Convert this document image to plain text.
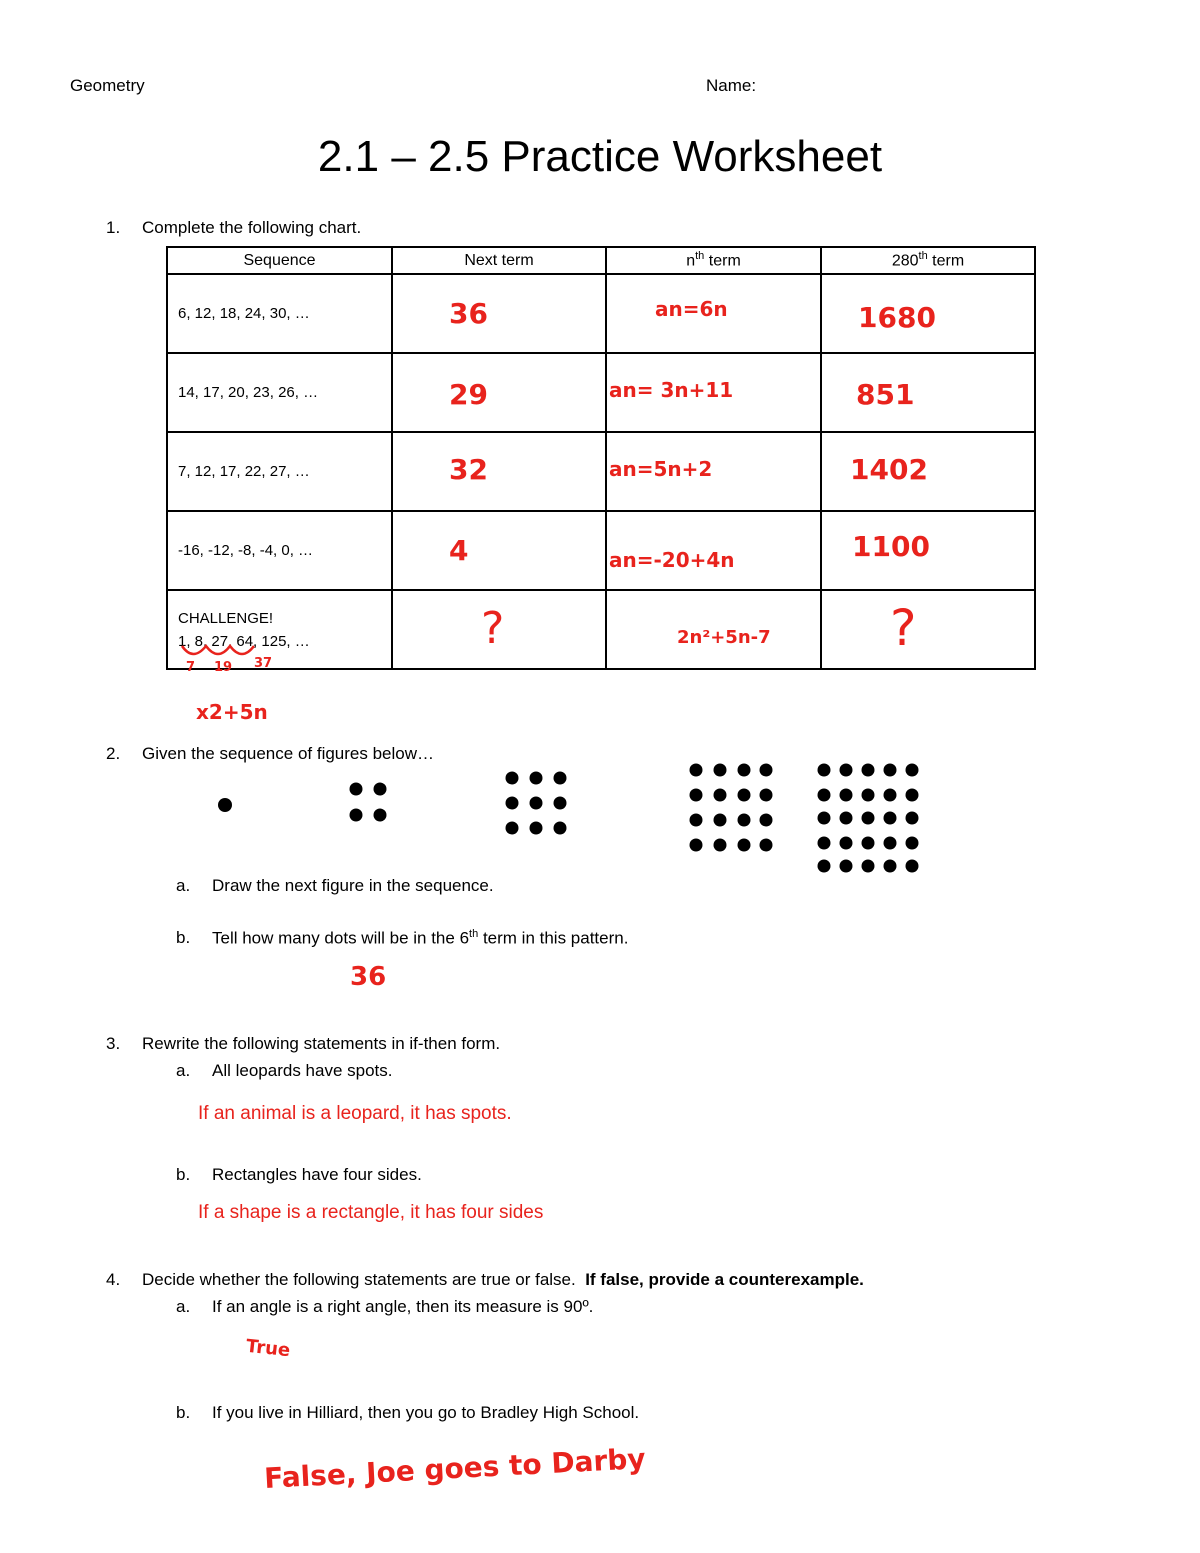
Geometry	Name:
2.1 – 2.5 Practice Worksheet
1. Complete the following chart.
Sequence	Next term	$n^{th}$ term	280th term
6, 12, 18, 24, 30, …	36	an=6n	1680

14, 17, 20, 23, 26, …	29	an= 3n+11	851

7, 12, 17, 22, 27, …	32	an=5n+2	1402

-16, -12, -8, -4, 0, …	4	an=-20+4n	1100

CHALLENGE!
1, 8, 27, 64, 125, …	?	2n²+5n-7	?
7 19 37
x2+5n
2. Given the sequence of figures below…
a. Draw the next figure in the sequence.
b. Tell how many dots will be in the 6th term in this pattern.
36
3. Rewrite the following statements in if-then form.
a. All leopards have spots.
If an animal is a leopard, it has spots.
b. Rectangles have four sides.
If a shape is a rectangle, it has four sides
4. Decide whether the following statements are true or false. If false, provide a counterexample.
a. If an angle is a right angle, then its measure is 90º.
True
b. If you live in Hilliard, then you go to Bradley High School.
False, Joe goes to Darby
